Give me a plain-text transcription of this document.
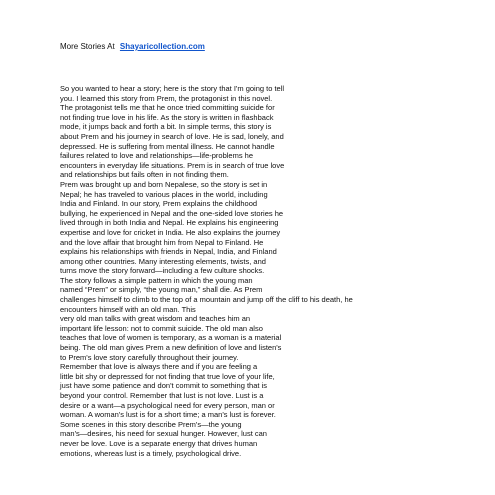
More Stories At Shayaricollection.com
So you wanted to hear a story; here is the story that I'm going to tell
you. I learned this story from Prem, the protagonist in this novel.
The protagonist tells me that he once tried committing suicide for
not finding true love in his life. As the story is written in flashback
mode, it jumps back and forth a bit. In simple terms, this story is
about Prem and his journey in search of love. He is sad, lonely, and
depressed. He is suffering from mental illness. He cannot handle
failures related to love and relationships—life-problems he
encounters in everyday life situations. Prem is in search of true love
and relationships but fails often in not finding them.
Prem was brought up and born Nepalese, so the story is set in
Nepal; he has traveled to various places in the world, including
India and Finland. In our story, Prem explains the childhood
bullying, he experienced in Nepal and the one-sided love stories he
lived through in both India and Nepal. He explains his engineering
expertise and love for cricket in India. He also explains the journey
and the love affair that brought him from Nepal to Finland. He
explains his relationships with friends in Nepal, India, and Finland
among other countries. Many interesting elements, twists, and
turns move the story forward—including a few culture shocks.
The story follows a simple pattern in which the young man
named “Prem” or simply, “the young man,” shall die. As Prem
challenges himself to climb to the top of a mountain and jump off the cliff to his death, he
encounters himself with an old man. This
very old man talks with great wisdom and teaches him an
important life lesson: not to commit suicide. The old man also
teaches that love of women is temporary, as a woman is a material
being. The old man gives Prem a new definition of love and listen's
to Prem's love story carefully throughout their journey.
Remember that love is always there and if you are feeling a
little bit shy or depressed for not finding that true love of your life,
just have some patience and don't commit to something that is
beyond your control. Remember that lust is not love. Lust is a
desire or a want—a psychological need for every person, man or
woman. A woman's lust is for a short time; a man's lust is forever.
Some scenes in this story describe Prem's—the young
man's—desires, his need for sexual hunger. However, lust can
never be love. Love is a separate energy that drives human
emotions, whereas lust is a timely, psychological drive.
